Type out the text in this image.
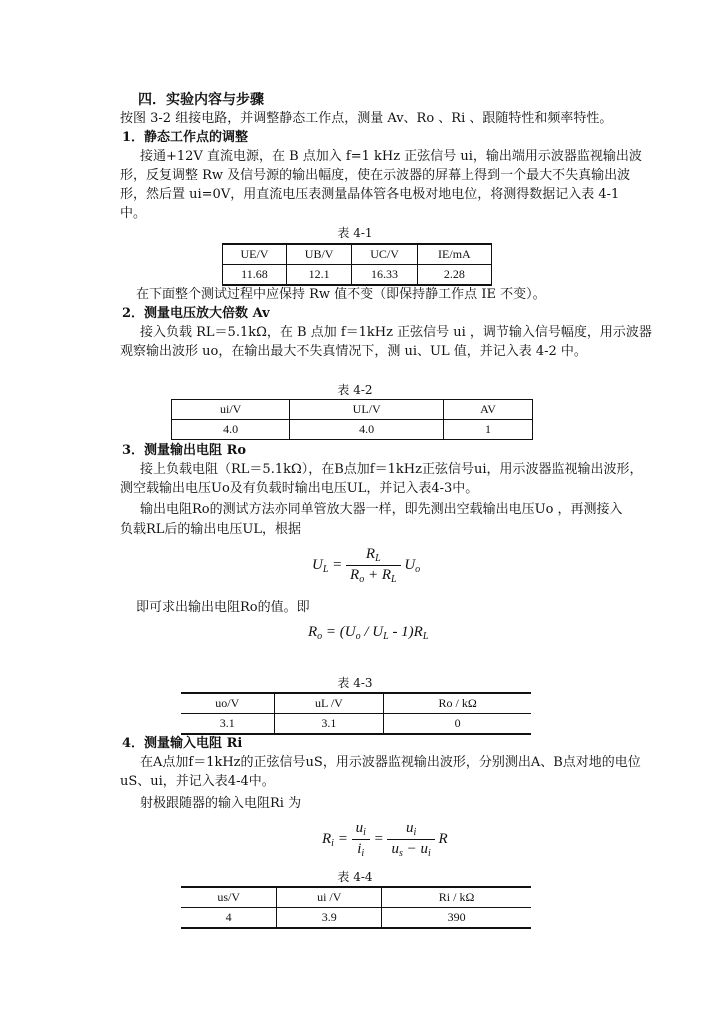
四．实验内容与步骤

按图 3-2 组接电路，并调整静态工作点，测量 Av、Ro 、Ri 、跟随特性和频率特性。

1．静态工作点的调整

接通+12V 直流电源，在 B 点加入 f=1 kHz 正弦信号 ui，输出端用示波器监视输出波

形，反复调整 Rw 及信号源的输出幅度，使在示波器的屏幕上得到一个最大不失真输出波

形，然后置 ui=0V，用直流电压表测量晶体管各电极对地电位，将测得数据记入表 4-1

中。

表 4-1
UE/V	UB/V	UC/V	IE/mA
11.68	12.1	16.33	2.28

在下面整个测试过程中应保持 Rw 值不变（即保持静工作点 IE 不变）。

2．测量电压放大倍数 Av

接入负载 RL＝5.1kΩ，在 B 点加 f＝1kHz 正弦信号 ui ，调节输入信号幅度，用示波器

观察输出波形 uo，在输出最大不失真情况下，测 ui、UL 值，并记入表 4-2 中。

表 4-2
ui/V	UL/V	AV
4.0	4.0	1
3．测量输出电阻 Ro

接上负载电阻（RL＝5.1kΩ），在B点加f＝1kHz正弦信号ui，用示波器监视输出波形，

测空载输出电压Uo及有负载时输出电压UL，并记入表4-3中。

输出电阻Ro的测试方法亦同单管放大器一样，即先测出空载输出电压Uo ，再测接入

负载RL后的输出电压UL，根据

$U_L = \frac{R_L}{R_o + R_L} U_o$

即可求出输出电阻Ro的值。即

$R_o = (U_o / U_L - 1)R_L$
表 4-3
uo/V	uL /V	Ro / kΩ
3.1	3.1	0
4．测量输入电阻 Ri

在A点加f＝1kHz的正弦信号uS，用示波器监视输出波形，分别测出A、B点对地的电位

uS、ui，并记入表4-4中。

射极跟随器的输入电阻Ri 为

$R_i = \frac{u_i}{i_i} = \frac{u_i}{u_s - u_i}$ R
表 4-4
us/V	ui /V	Ri / kΩ
4	3.9	390
